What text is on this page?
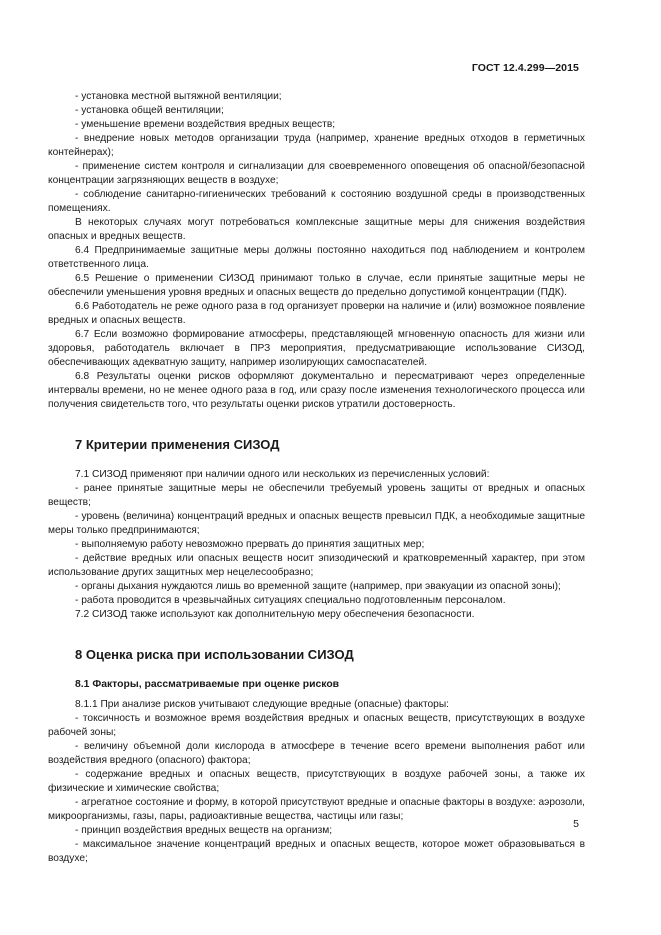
ГОСТ 12.4.299—2015

- установка местной вытяжной вентиляции;

- установка общей вентиляции;

- уменьшение времени воздействия вредных веществ;

- внедрение новых методов организации труда (например, хранение вредных отходов в герметичных контейнерах);

- применение систем контроля и сигнализации для своевременного оповещения об опасной/безопасной концентрации загрязняющих веществ в воздухе;

- соблюдение санитарно-гигиенических требований к состоянию воздушной среды в производственных помещениях.

В некоторых случаях могут потребоваться комплексные защитные меры для снижения воздействия опасных и вредных веществ.

6.4 Предпринимаемые защитные меры должны постоянно находиться под наблюдением и контролем ответственного лица.

6.5 Решение о применении СИЗОД принимают только в случае, если принятые защитные меры не обеспечили уменьшения уровня вредных и опасных веществ до предельно допустимой концентрации (ПДК).

6.6 Работодатель не реже одного раза в год организует проверки на наличие и (или) возможное появление вредных и опасных веществ.

6.7 Если возможно формирование атмосферы, представляющей мгновенную опасность для жизни или здоровья, работодатель включает в ПРЗ мероприятия, предусматривающие использование СИЗОД, обеспечивающих адекватную защиту, например изолирующих самоспасателей.

6.8 Результаты оценки рисков оформляют документально и пересматривают через определенные интервалы времени, но не менее одного раза в год, или сразу после изменения технологического процесса или получения свидетельств того, что результаты оценки рисков утратили достоверность.

7 Критерии применения СИЗОД

7.1 СИЗОД применяют при наличии одного или нескольких из перечисленных условий:

- ранее принятые защитные меры не обеспечили требуемый уровень защиты от вредных и опасных веществ;

- уровень (величина) концентраций вредных и опасных веществ превысил ПДК, а необходимые защитные меры только предпринимаются;

- выполняемую работу невозможно прервать до принятия защитных мер;

- действие вредных или опасных веществ носит эпизодический и кратковременный характер, при этом использование других защитных мер нецелесообразно;

- органы дыхания нуждаются лишь во временной защите (например, при эвакуации из опасной зоны);

- работа проводится в чрезвычайных ситуациях специально подготовленным персоналом.

7.2 СИЗОД также используют как дополнительную меру обеспечения безопасности.

8 Оценка риска при использовании СИЗОД
8.1 Факторы, рассматриваемые при оценке рисков

8.1.1 При анализе рисков учитывают следующие вредные (опасные) факторы:

- токсичность и возможное время воздействия вредных и опасных веществ, присутствующих в воздухе рабочей зоны;

- величину объемной доли кислорода в атмосфере в течение всего времени выполнения работ или воздействия вредного (опасного) фактора;

- содержание вредных и опасных веществ, присутствующих в воздухе рабочей зоны, а также их физические и химические свойства;

- агрегатное состояние и форму, в которой присутствуют вредные и опасные факторы в воздухе: аэрозоли, микроорганизмы, газы, пары, радиоактивные вещества, частицы или газы;

- принцип воздействия вредных веществ на организм;

- максимальное значение концентраций вредных и опасных веществ, которое может образовываться в воздухе;

5
